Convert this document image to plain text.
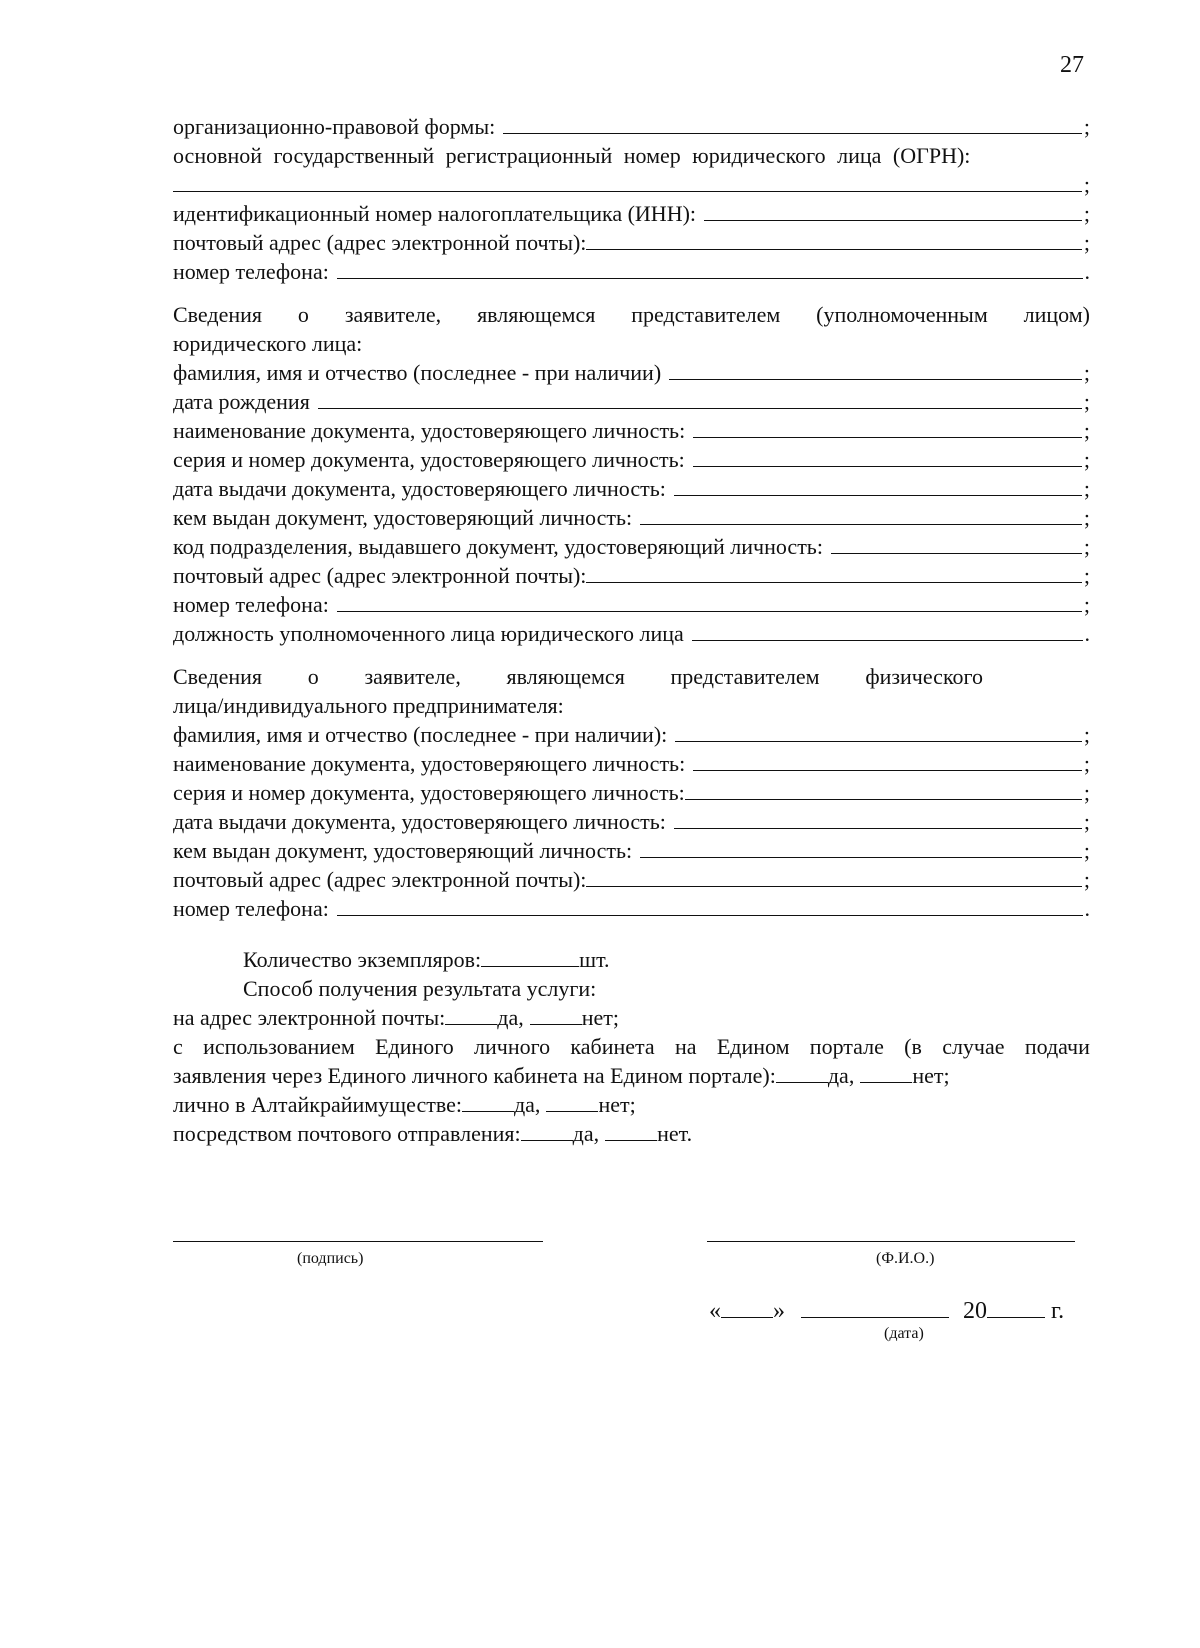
27
организационно-правовой формы:	;
основной государственный регистрационный номер юридического лица (ОГРН):
;
идентификационный номер налогоплательщика (ИНН):	;
почтовый адрес (адрес электронной почты):	;
номер телефона:	.
Сведения о заявителе, являющемся представителем (уполномоченным лицом)
юридического лица:
фамилия, имя и отчество (последнее - при наличии)	;
дата рождения	;
наименование документа, удостоверяющего личность:	;
серия и номер документа, удостоверяющего личность:	;
дата выдачи документа, удостоверяющего личность:	;
кем выдан документ, удостоверяющий личность:	;
код подразделения, выдавшего документ, удостоверяющий личность:	;
почтовый адрес (адрес электронной почты):	;
номер телефона:	;
должность уполномоченного лица юридического лица	.
Сведения о заявителе, являющемся представителем физического
лица/индивидуального предпринимателя:
фамилия, имя и отчество (последнее - при наличии):	;
наименование документа, удостоверяющего личность:	;
серия и номер документа, удостоверяющего личность:	;
дата выдачи документа, удостоверяющего личность:	;
кем выдан документ, удостоверяющий личность:	;
почтовый адрес (адрес электронной почты):	;
номер телефона:	.
Количество экземпляров:	шт.
Способ получения результата услуги:
на адрес электронной почты: да,	нет;
с использованием Единого личного кабинета на Едином портале (в случае подачи
заявления через Единого личного кабинета на Едином портале): да,	нет;
лично в Алтайкрайимуществе: да,	нет;
посредством почтового отправления: да,	нет.
(подпись)	(Ф.И.О.)
« »	20	г.
(дата)
